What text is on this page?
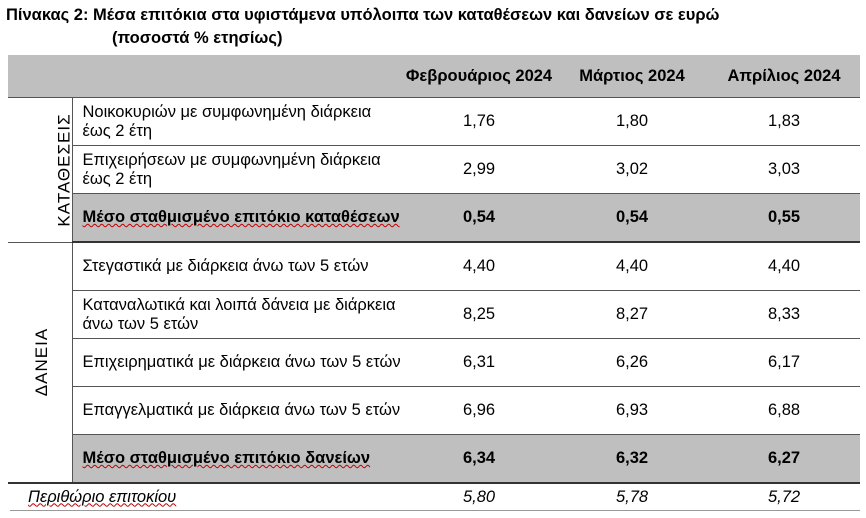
Πίνακας 2: Μέσα επιτόκια στα υφιστάμενα υπόλοιπα των καταθέσεων και δανείων σε ευρώ
(ποσοστά % ετησίως)
		Φεβρουάριος 2024	Μάρτιος 2024	Απρίλιος 2024
ΚΑΤΑΘΕΣΕΙΣ	Νοικοκυριών με συμφωνημένη διάρκεια έως 2 έτη	1,76	1,80	1,83
	Επιχειρήσεων με συμφωνημένη διάρκεια έως 2 έτη	2,99	3,02	3,03
	Μέσο σταθμισμένο επιτόκιο καταθέσεων	0,54	0,54	0,55
ΔΑΝΕΙΑ	Στεγαστικά με διάρκεια άνω των 5 ετών	4,40	4,40	4,40
	Καταναλωτικά και λοιπά δάνεια με διάρκεια άνω των 5 ετών	8,25	8,27	8,33
	Επιχειρηματικά με διάρκεια άνω των 5 ετών	6,31	6,26	6,17
	Επαγγελματικά με διάρκεια άνω των 5 ετών	6,96	6,93	6,88
	Μέσο σταθμισμένο επιτόκιο δανείων	6,34	6,32	6,27
Περιθώριο επιτοκίου		5,80	5,78	5,72
